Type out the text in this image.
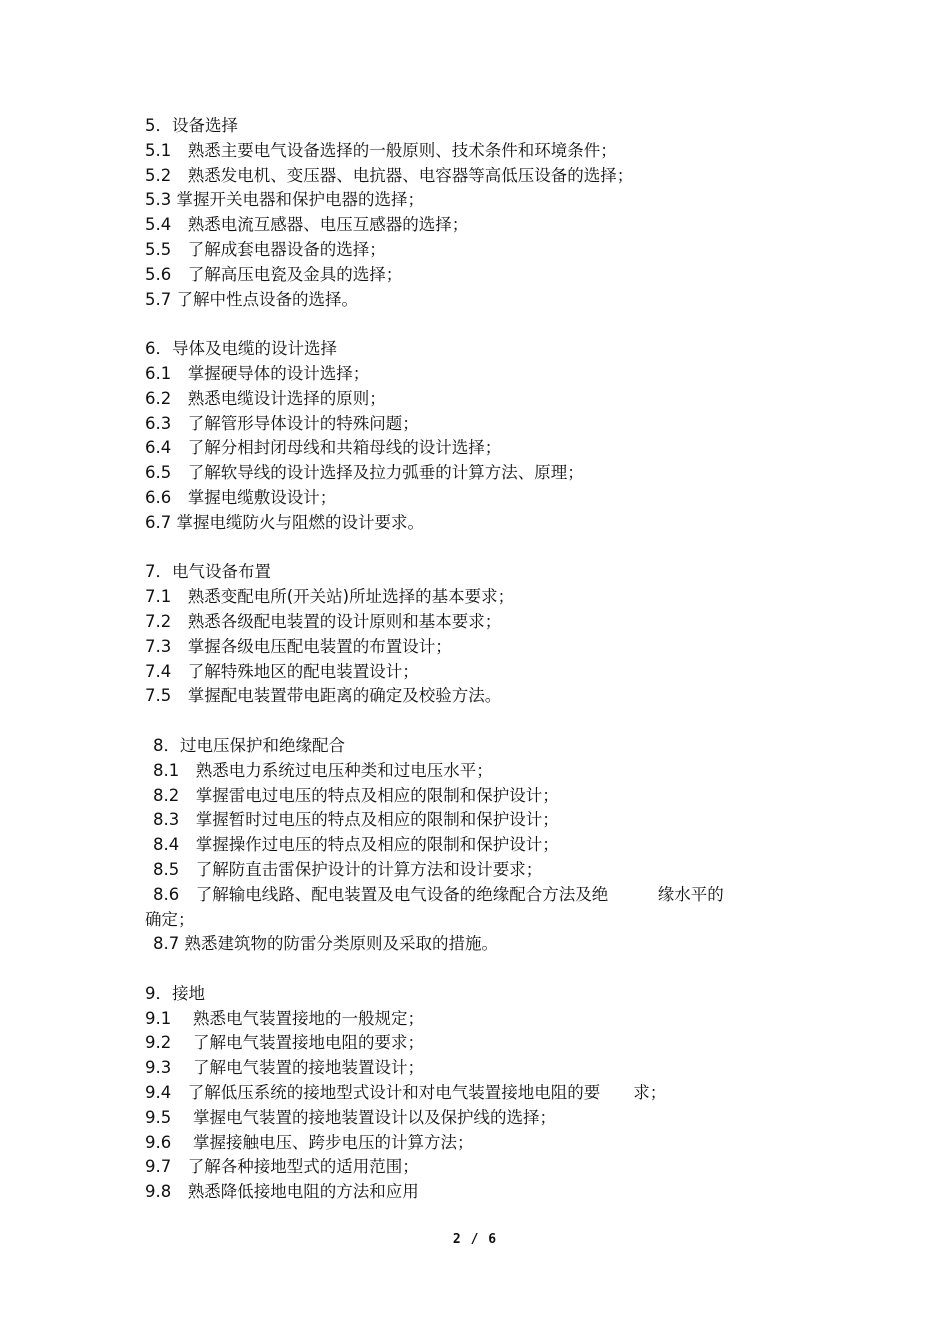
5．设备选择
5.1　熟悉主要电气设备选择的一般原则、技术条件和环境条件；
5.2　熟悉发电机、变压器、电抗器、电容器等高低压设备的选择；
5.3 掌握开关电器和保护电器的选择；
5.4　熟悉电流互感器、电压互感器的选择；
5.5　了解成套电器设备的选择；
5.6　了解高压电瓷及金具的选择；
5.7 了解中性点设备的选择。
6．导体及电缆的设计选择
6.1　掌握硬导体的设计选择；
6.2　熟悉电缆设计选择的原则；
6.3　了解管形导体设计的特殊问题；
6.4　了解分相封闭母线和共箱母线的设计选择；
6.5　了解软导线的设计选择及拉力弧垂的计算方法、原理；
6.6　掌握电缆敷设设计；
6.7 掌握电缆防火与阻燃的设计要求。
7．电气设备布置
7.1　熟悉变配电所(开关站)所址选择的基本要求；
7.2　熟悉各级配电装置的设计原则和基本要求；
7.3　掌握各级电压配电装置的布置设计；
7.4　了解特殊地区的配电装置设计；
7.5　掌握配电装置带电距离的确定及校验方法。
8．过电压保护和绝缘配合
8.1　熟悉电力系统过电压种类和过电压水平；
8.2　掌握雷电过电压的特点及相应的限制和保护设计；
8.3　掌握暂时过电压的特点及相应的限制和保护设计；
8.4　掌握操作过电压的特点及相应的限制和保护设计；
8.5　了解防直击雷保护设计的计算方法和设计要求；
8.6　了解输电线路、配电装置及电气设备的绝缘配合方法及绝　　　缘水平的
确定；
8.7 熟悉建筑物的防雷分类原则及采取的措施。
9．接地
9.1　 熟悉电气装置接地的一般规定；
9.2　 了解电气装置接地电阻的要求；
9.3　 了解电气装置的接地装置设计；
9.4　了解低压系统的接地型式设计和对电气装置接地电阻的要　　求；
9.5　 掌握电气装置的接地装置设计以及保护线的选择；
9.6　 掌握接触电压、跨步电压的计算方法；
9.7　了解各种接地型式的适用范围；
9.8　熟悉降低接地电阻的方法和应用
2 / 6
